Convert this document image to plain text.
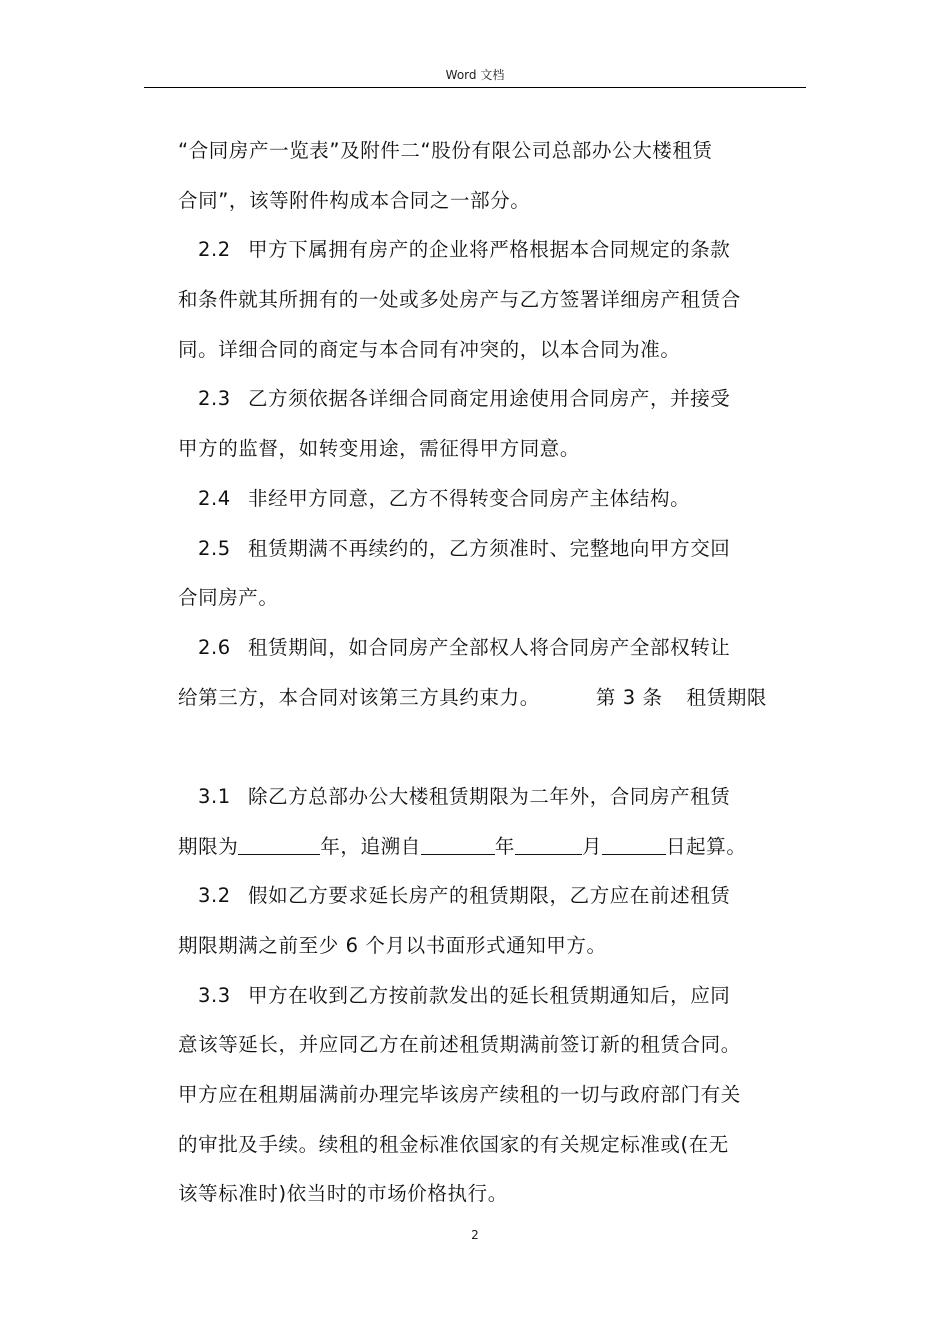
Word 文档
“合同房产一览表”及附件二“股份有限公司总部办公大楼租赁
合同”，该等附件构成本合同之一部分。
2.2 甲方下属拥有房产的企业将严格根据本合同规定的条款
和条件就其所拥有的一处或多处房产与乙方签署详细房产租赁合
同。详细合同的商定与本合同有冲突的，以本合同为准。
2.3 乙方须依据各详细合同商定用途使用合同房产，并接受
甲方的监督，如转变用途，需征得甲方同意。
2.4 非经甲方同意，乙方不得转变合同房产主体结构。
2.5 租赁期满不再续约的，乙方须准时、完整地向甲方交回
合同房产。
2.6 租赁期间，如合同房产全部权人将合同房产全部权转让
给第三方，本合同对该第三方具约束力。	第 3 条 租赁期限
3.1 除乙方总部办公大楼租赁期限为二年外，合同房产租赁
期限为	年，追溯自	年	月	日起算。
3.2 假如乙方要求延长房产的租赁期限，乙方应在前述租赁
期限期满之前至少 6 个月以书面形式通知甲方。
3.3 甲方在收到乙方按前款发出的延长租赁期通知后，应同
意该等延长，并应同乙方在前述租赁期满前签订新的租赁合同。
甲方应在租期届满前办理完毕该房产续租的一切与政府部门有关
的审批及手续。续租的租金标准依国家的有关规定标准或(在无
该等标准时)依当时的市场价格执行。
2
